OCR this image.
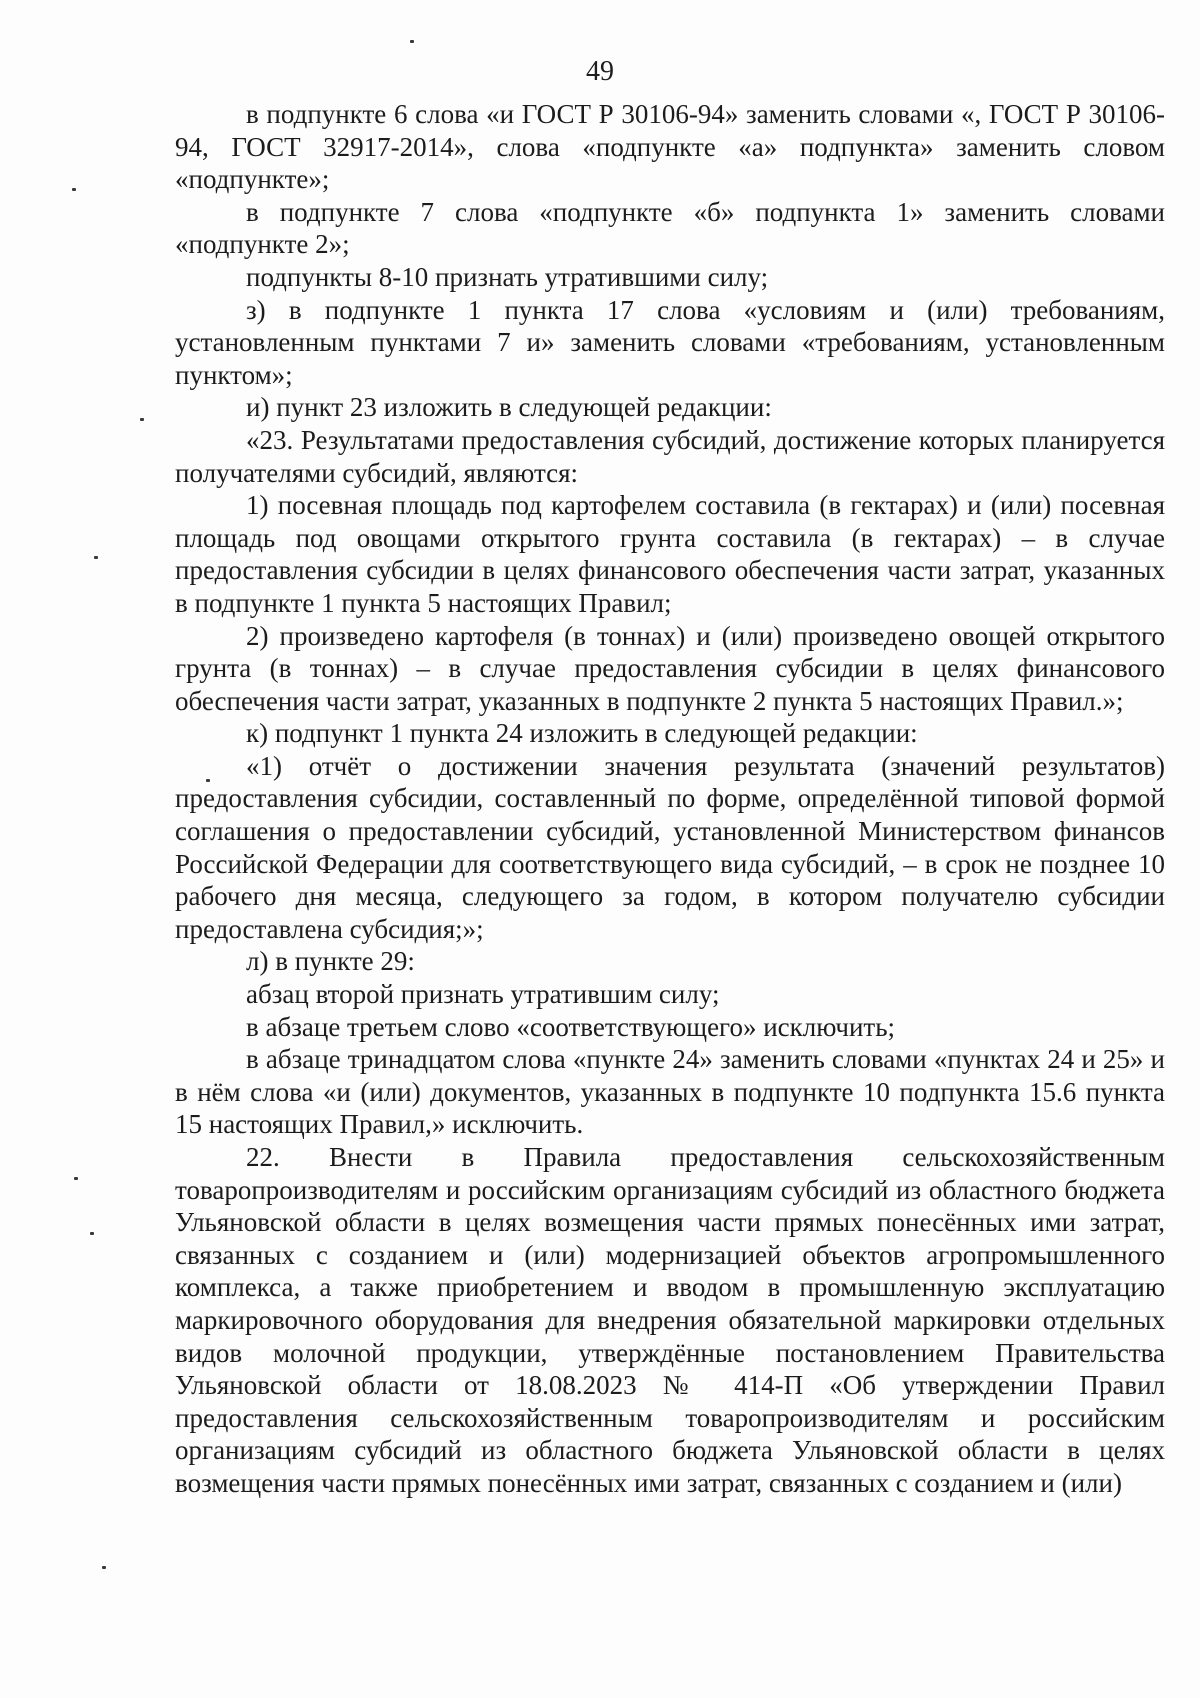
49

в подпункте 6 слова «и ГОСТ Р 30106-94» заменить словами «, ГОСТ Р 30106-94, ГОСТ 32917-2014», слова «подпункте «а» подпункта» заменить словом «подпункте»;

в подпункте 7 слова «подпункте «б» подпункта 1» заменить словами «подпункте 2»;

подпункты 8-10 признать утратившими силу;

з) в подпункте 1 пункта 17 слова «условиям и (или) требованиям, установленным пунктами 7 и» заменить словами «требованиям, установленным пунктом»;

и) пункт 23 изложить в следующей редакции:

«23. Результатами предоставления субсидий, достижение которых планируется получателями субсидий, являются:

1) посевная площадь под картофелем составила (в гектарах) и (или) посевная площадь под овощами открытого грунта составила (в гектарах) – в случае предоставления субсидии в целях финансового обеспечения части затрат, указанных в подпункте 1 пункта 5 настоящих Правил;

2) произведено картофеля (в тоннах) и (или) произведено овощей открытого грунта (в тоннах) – в случае предоставления субсидии в целях финансового обеспечения части затрат, указанных в подпункте 2 пункта 5 настоящих Правил.»;

к) подпункт 1 пункта 24 изложить в следующей редакции:

«1) отчёт о достижении значения результата (значений результатов) предоставления субсидии, составленный по форме, определённой типовой формой соглашения о предоставлении субсидий, установленной Министерством финансов Российской Федерации для соответствующего вида субсидий, – в срок не позднее 10 рабочего дня месяца, следующего за годом, в котором получателю субсидии предоставлена субсидия;»;

л) в пункте 29:

абзац второй признать утратившим силу;

в абзаце третьем слово «соответствующего» исключить;

в абзаце тринадцатом слова «пункте 24» заменить словами «пунктах 24 и 25» и в нём слова «и (или) документов, указанных в подпункте 10 подпункта 15.6 пункта 15 настоящих Правил,» исключить.

22. Внести в Правила предоставления сельскохозяйственным товаропроизводителям и российским организациям субсидий из областного бюджета Ульяновской области в целях возмещения части прямых понесённых ими затрат, связанных с созданием и (или) модернизацией объектов агропромышленного комплекса, а также приобретением и вводом в промышленную эксплуатацию маркировочного оборудования для внедрения обязательной маркировки отдельных видов молочной продукции, утверждённые постановлением Правительства Ульяновской области от 18.08.2023 № 414-П «Об утверждении Правил предоставления сельскохозяйственным товаропроизводителям и российским организациям субсидий из областного бюджета Ульяновской области в целях возмещения части прямых понесённых ими затрат, связанных с созданием и (или)
